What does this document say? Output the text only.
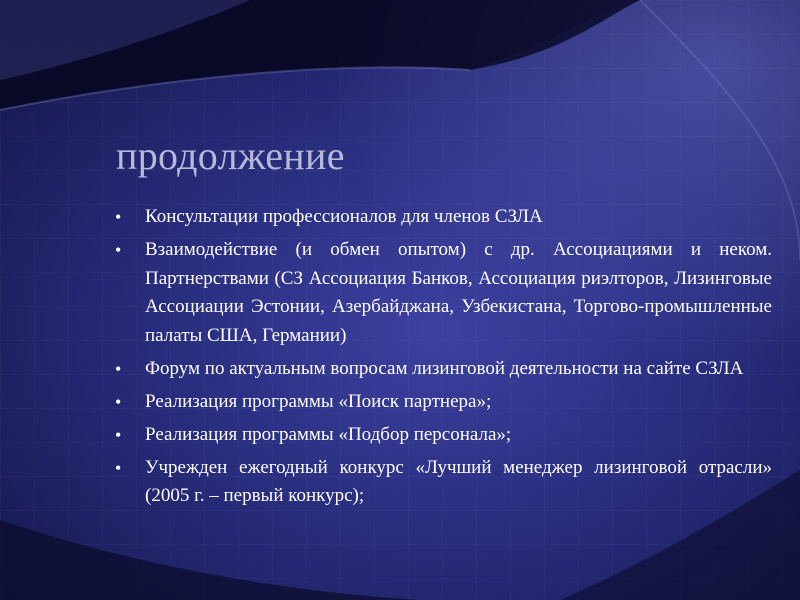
продолжение
• Консультации профессионалов для членов СЗЛА
• Взаимодействие (и обмен опытом) с др. Ассоциациями и неком. Партнерствами (СЗ Ассоциация Банков, Ассоциация риэлторов, Лизинговые Ассоциации Эстонии, Азербайджана, Узбекистана, Торгово-промышленные палаты США, Германии)
• Форум по актуальным вопросам лизинговой деятельности на сайте СЗЛА
• Реализация программы «Поиск партнера»;
• Реализация программы «Подбор персонала»;
• Учрежден ежегодный конкурс «Лучший менеджер лизинговой отрасли» (2005 г. – первый конкурс);
